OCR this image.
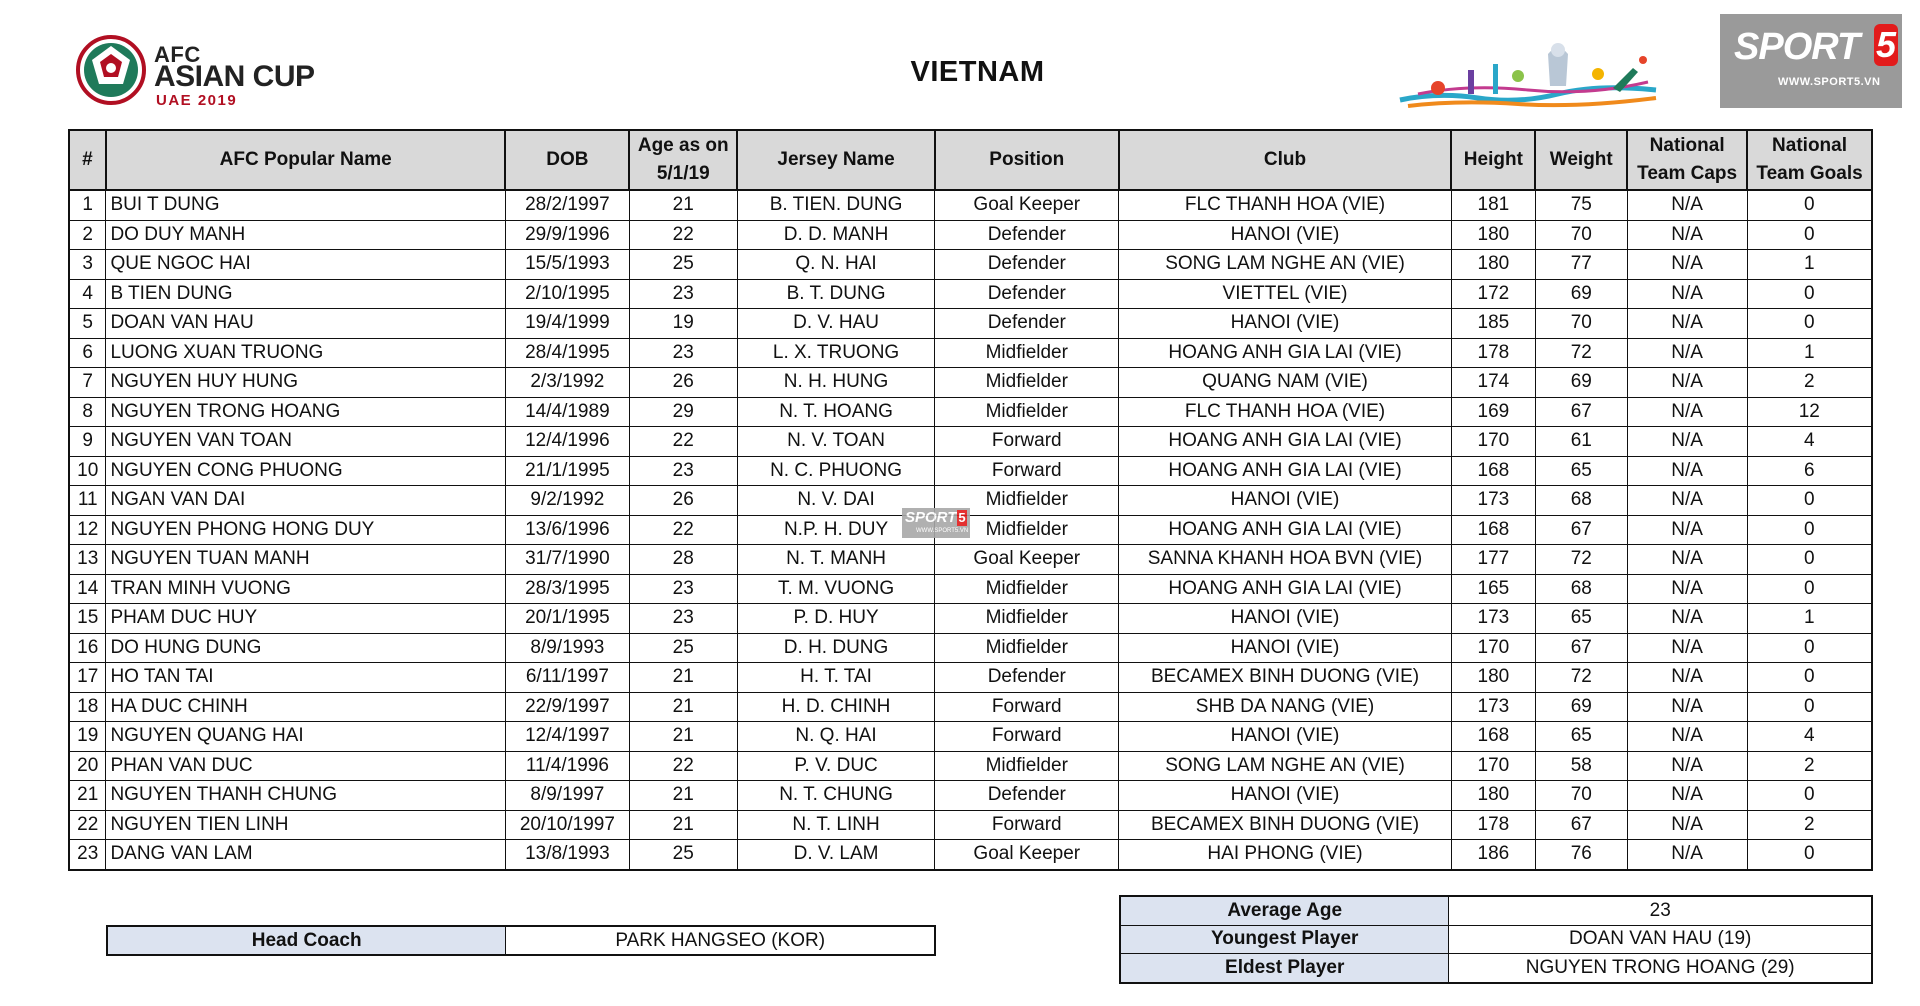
AFC
ASIAN CUP
UAE 2019
VIETNAM
SPORT 5
WWW.SPORT5.VN
#	AFC Popular Name	DOB	Age as on 5/1/19	Jersey Name	Position	Club	Height	Weight	National Team Caps	National Team Goals
1	BUI T DUNG	28/2/1997	21	B. TIEN. DUNG	Goal Keeper	FLC THANH HOA (VIE)	181	75	N/A	0
2	DO DUY MANH	29/9/1996	22	D. D. MANH	Defender	HANOI (VIE)	180	70	N/A	0
3	QUE NGOC HAI	15/5/1993	25	Q. N. HAI	Defender	SONG LAM NGHE AN (VIE)	180	77	N/A	1
4	B TIEN DUNG	2/10/1995	23	B. T. DUNG	Defender	VIETTEL (VIE)	172	69	N/A	0
5	DOAN VAN HAU	19/4/1999	19	D. V. HAU	Defender	HANOI (VIE)	185	70	N/A	0
6	LUONG XUAN TRUONG	28/4/1995	23	L. X. TRUONG	Midfielder	HOANG ANH GIA LAI (VIE)	178	72	N/A	1
7	NGUYEN HUY HUNG	2/3/1992	26	N. H. HUNG	Midfielder	QUANG NAM (VIE)	174	69	N/A	2
8	NGUYEN TRONG HOANG	14/4/1989	29	N. T. HOANG	Midfielder	FLC THANH HOA (VIE)	169	67	N/A	12
9	NGUYEN VAN TOAN	12/4/1996	22	N. V. TOAN	Forward	HOANG ANH GIA LAI (VIE)	170	61	N/A	4
10	NGUYEN CONG PHUONG	21/1/1995	23	N. C. PHUONG	Forward	HOANG ANH GIA LAI (VIE)	168	65	N/A	6
11	NGAN VAN DAI	9/2/1992	26	N. V. DAI	Midfielder	HANOI (VIE)	173	68	N/A	0
12	NGUYEN PHONG HONG DUY	13/6/1996	22	N.P. H. DUY	Midfielder	HOANG ANH GIA LAI (VIE)	168	67	N/A	0
13	NGUYEN TUAN MANH	31/7/1990	28	N. T. MANH	Goal Keeper	SANNA KHANH HOA BVN (VIE)	177	72	N/A	0
14	TRAN MINH VUONG	28/3/1995	23	T. M. VUONG	Midfielder	HOANG ANH GIA LAI (VIE)	165	68	N/A	0
15	PHAM DUC HUY	20/1/1995	23	P. D. HUY	Midfielder	HANOI (VIE)	173	65	N/A	1
16	DO HUNG DUNG	8/9/1993	25	D. H. DUNG	Midfielder	HANOI (VIE)	170	67	N/A	0
17	HO TAN TAI	6/11/1997	21	H. T. TAI	Defender	BECAMEX BINH DUONG (VIE)	180	72	N/A	0
18	HA DUC CHINH	22/9/1997	21	H. D. CHINH	Forward	SHB DA NANG (VIE)	173	69	N/A	0
19	NGUYEN QUANG HAI	12/4/1997	21	N. Q. HAI	Forward	HANOI (VIE)	168	65	N/A	4
20	PHAN VAN DUC	11/4/1996	22	P. V. DUC	Midfielder	SONG LAM NGHE AN (VIE)	170	58	N/A	2
21	NGUYEN THANH CHUNG	8/9/1997	21	N. T. CHUNG	Defender	HANOI (VIE)	180	70	N/A	0
22	NGUYEN TIEN LINH	20/10/1997	21	N. T. LINH	Forward	BECAMEX BINH DUONG (VIE)	178	67	N/A	2
23	DANG VAN LAM	13/8/1993	25	D. V. LAM	Goal Keeper	HAI PHONG (VIE)	186	76	N/A	0
SPORT 5
WWW.SPORT5.VN
Head Coach	PARK HANGSEO (KOR)
Average Age	23
Youngest Player	DOAN VAN HAU (19)
Eldest Player	NGUYEN TRONG HOANG (29)
